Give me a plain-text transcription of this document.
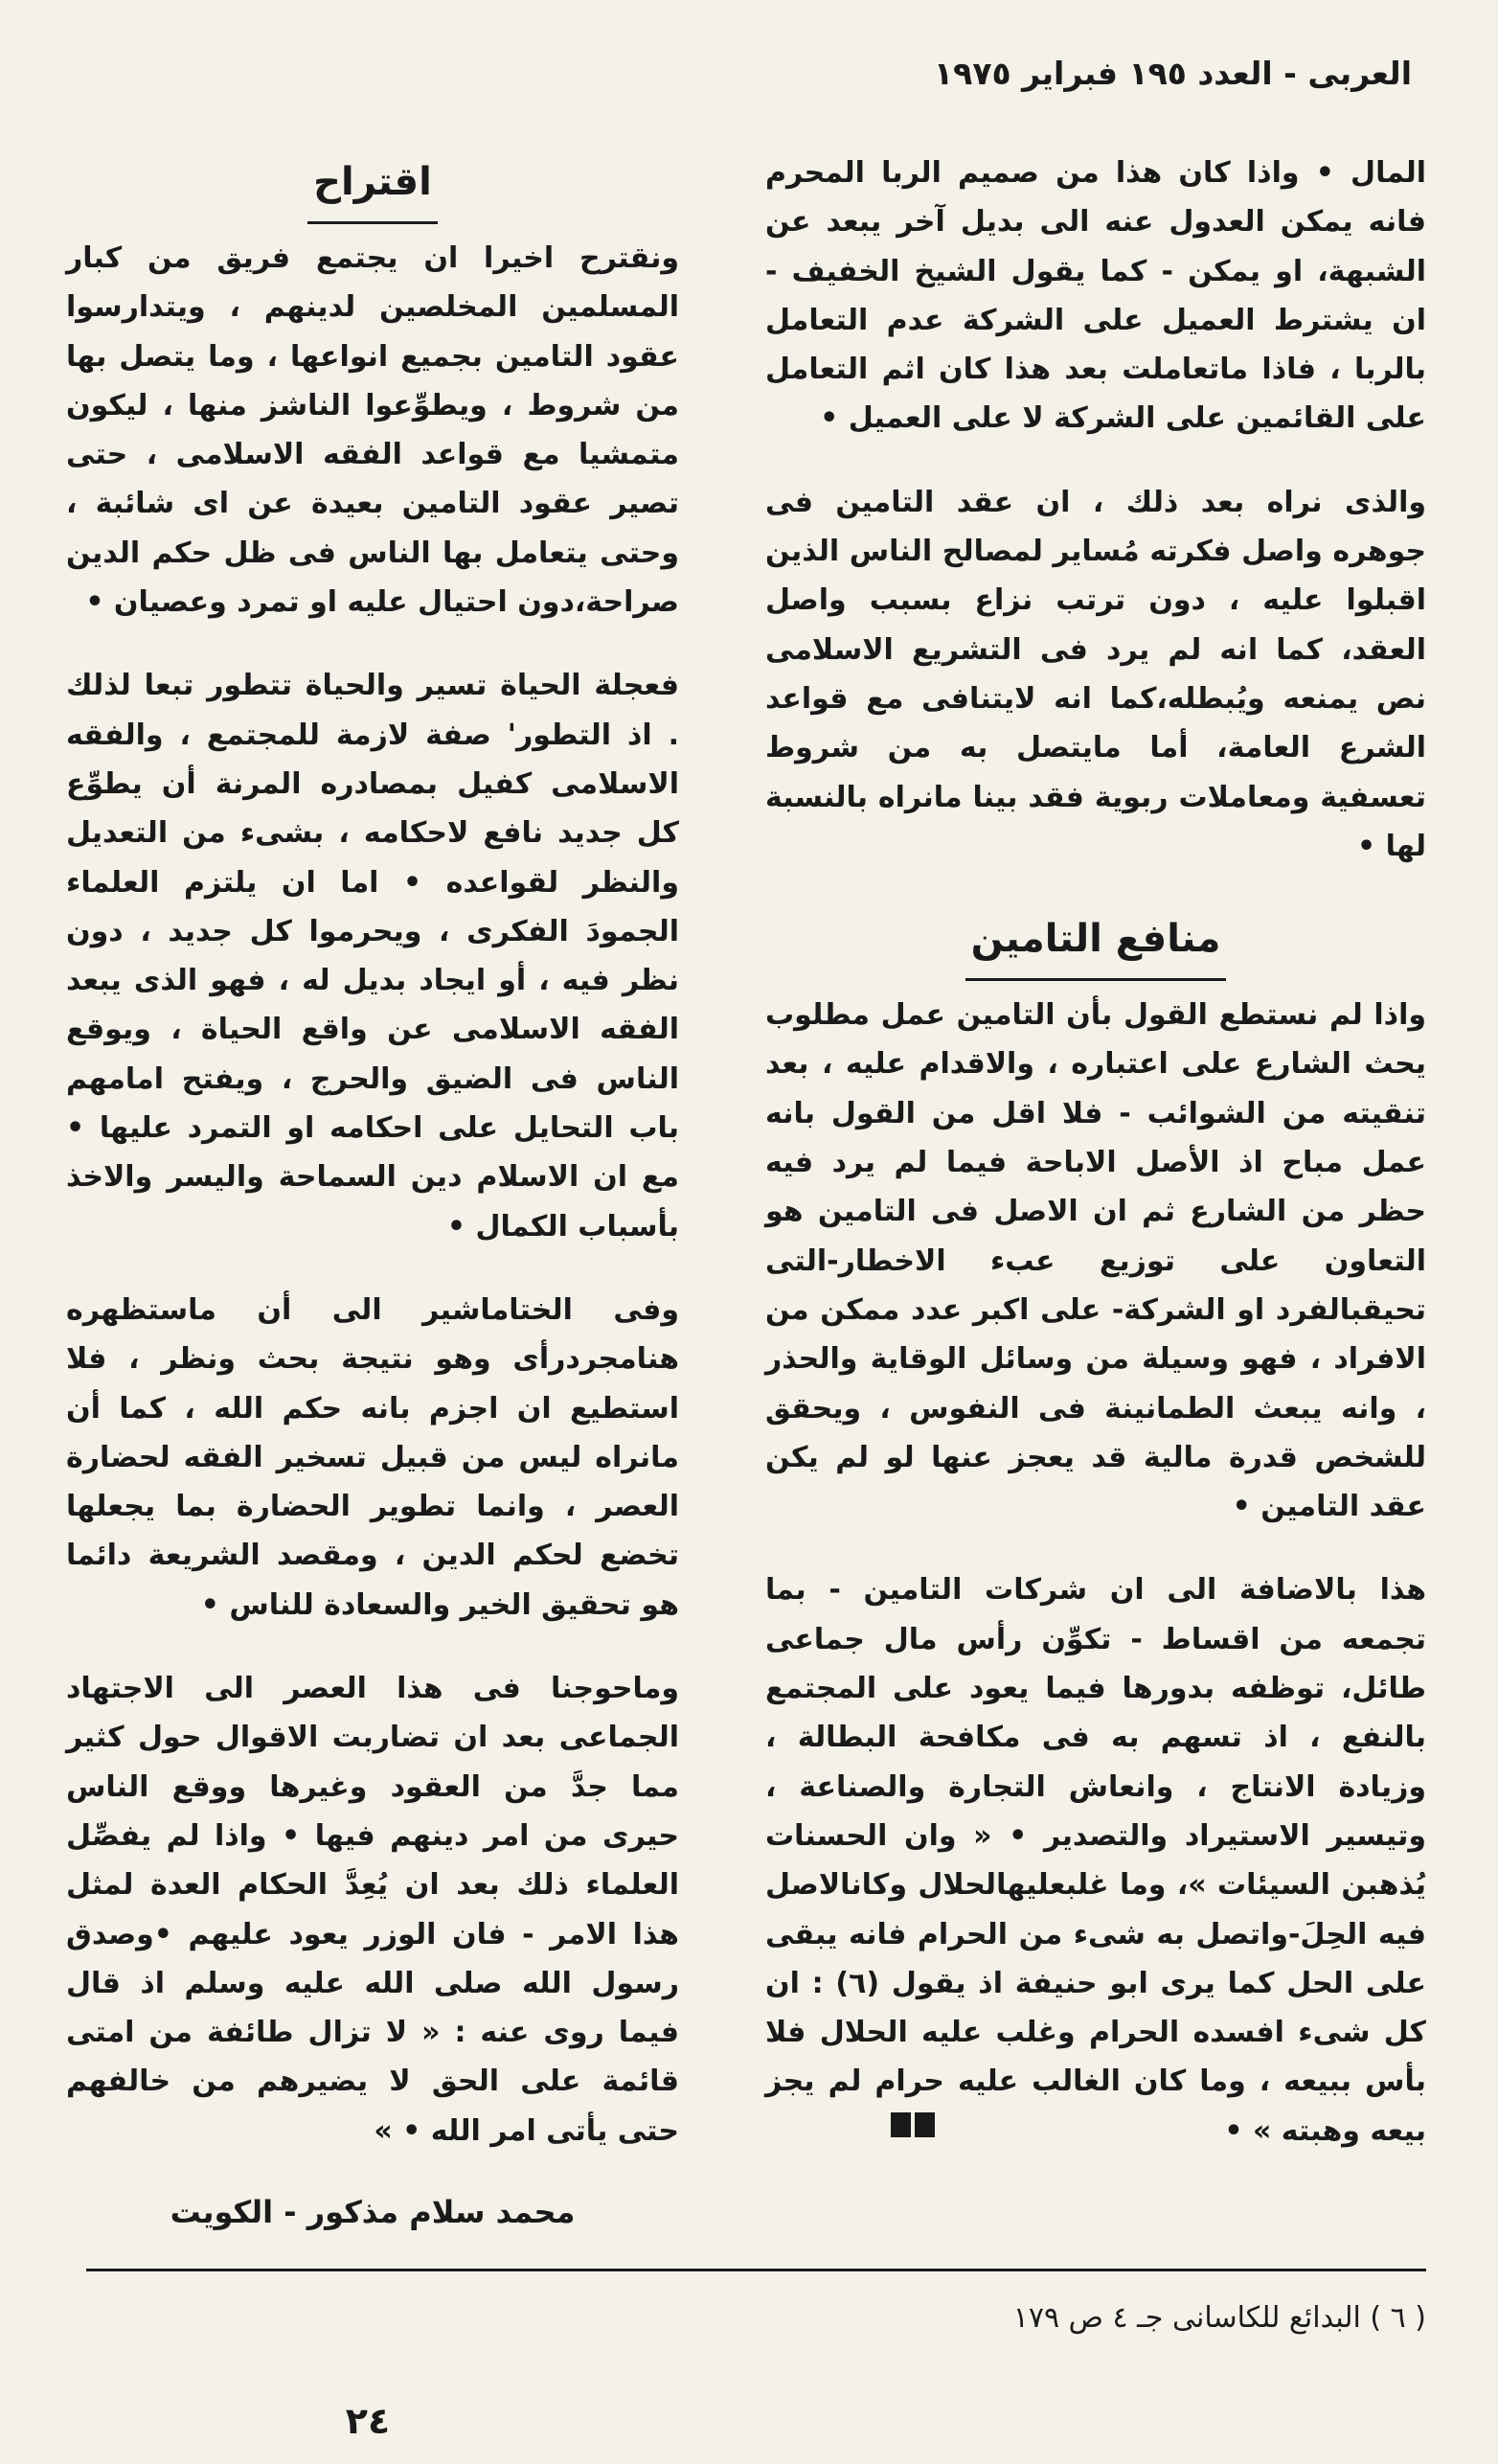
العربى - العدد ١٩٥ فبراير ١٩٧٥

المال • واذا كان هذا من صميم الربا المحرم فانه يمكن العدول عنه الى بديل آخر يبعد عن الشبهة، او يمكن - كما يقول الشيخ الخفيف - ان يشترط العميل على الشركة عدم التعامل بالربا ، فاذا ماتعاملت بعد هذا كان اثم التعامل على القائمين على الشركة لا على العميل •

والذى نراه بعد ذلك ، ان عقد التامين فى جوهره واصل فكرته مُساير لمصالح الناس الذين اقبلوا عليه ، دون ترتب نزاع بسبب واصل العقد، كما انه لم يرد فى التشريع الاسلامى نص يمنعه ويُبطله،كما انه لايتنافى مع قواعد الشرع العامة، أما مايتصل به من شروط تعسفية ومعاملات ربوية فقد بينا مانراه بالنسبة لها •

منافع التامين

واذا لم نستطع القول بأن التامين عمل مطلوب يحث الشارع على اعتباره ، والاقدام عليه ، بعد تنقيته من الشوائب - فلا اقل من القول بانه عمل مباح اذ الأصل الاباحة فيما لم يرد فيه حظر من الشارع ثم ان الاصل فى التامين هو التعاون على توزيع عبء الاخطار-التى تحيقبالفرد او الشركة- على اكبر عدد ممكن من الافراد ، فهو وسيلة من وسائل الوقاية والحذر ، وانه يبعث الطمانينة فى النفوس ، ويحقق للشخص قدرة مالية قد يعجز عنها لو لم يكن عقد التامين •

هذا بالاضافة الى ان شركات التامين - بما تجمعه من اقساط - تكوِّن رأس مال جماعى طائل، توظفه بدورها فيما يعود على المجتمع بالنفع ، اذ تسهم به فى مكافحة البطالة ، وزيادة الانتاج ، وانعاش التجارة والصناعة ، وتيسير الاستيراد والتصدير • « وان الحسنات يُذهبن السيئات »، وما غلبعليهالحلال وكانالاصل فيه الحِلَ-واتصل به شىء من الحرام فانه يبقى على الحل كما يرى ابو حنيفة اذ يقول (٦) : ان كل شىء افسده الحرام وغلب عليه الحلال فلا بأس ببيعه ، وما كان الغالب عليه حرام لم يجز بيعه وهبته » •

اقتراح

ونقترح اخيرا ان يجتمع فريق من كبار المسلمين المخلصين لدينهم ، ويتدارسوا عقود التامين بجميع انواعها ، وما يتصل بها من شروط ، ويطوِّعوا الناشز منها ، ليكون متمشيا مع قواعد الفقه الاسلامى ، حتى تصير عقود التامين بعيدة عن اى شائبة ، وحتى يتعامل بها الناس فى ظل حكم الدين صراحة،دون احتيال عليه او تمرد وعصيان •

فعجلة الحياة تسير والحياة تتطور تبعا لذلك . اذ التطور' صفة لازمة للمجتمع ، والفقه الاسلامى كفيل بمصادره المرنة أن يطوِّع كل جديد نافع لاحكامه ، بشىء من التعديل والنظر لقواعده • اما ان يلتزم العلماء الجمودَ الفكرى ، ويحرموا كل جديد ، دون نظر فيه ، أو ايجاد بديل له ، فهو الذى يبعد الفقه الاسلامى عن واقع الحياة ، ويوقع الناس فى الضيق والحرج ، ويفتح امامهم باب التحايل على احكامه او التمرد عليها • مع ان الاسلام دين السماحة واليسر والاخذ بأسباب الكمال •

وفى الختاماشير الى أن ماستظهره هنامجردرأى وهو نتيجة بحث ونظر ، فلا استطيع ان اجزم بانه حكم الله ، كما أن مانراه ليس من قبيل تسخير الفقه لحضارة العصر ، وانما تطوير الحضارة بما يجعلها تخضع لحكم الدين ، ومقصد الشريعة دائما هو تحقيق الخير والسعادة للناس •

وماحوجنا فى هذا العصر الى الاجتهاد الجماعى بعد ان تضاربت الاقوال حول كثير مما جدَّ من العقود وغيرها ووقع الناس حيرى من امر دينهم فيها • واذا لم يفصِّل العلماء ذلك بعد ان يُعِدَّ الحكام العدة لمثل هذا الامر - فان الوزر يعود عليهم •وصدق رسول الله صلى الله عليه وسلم اذ قال فيما روى عنه : « لا تزال طائفة من امتى قائمة على الحق لا يضيرهم من خالفهم حتى يأتى امر الله • »

محمد سلام مذكور - الكويت
( ٦ ) البدائع للكاسانى جـ ٤ ص ١٧٩
٢٤
